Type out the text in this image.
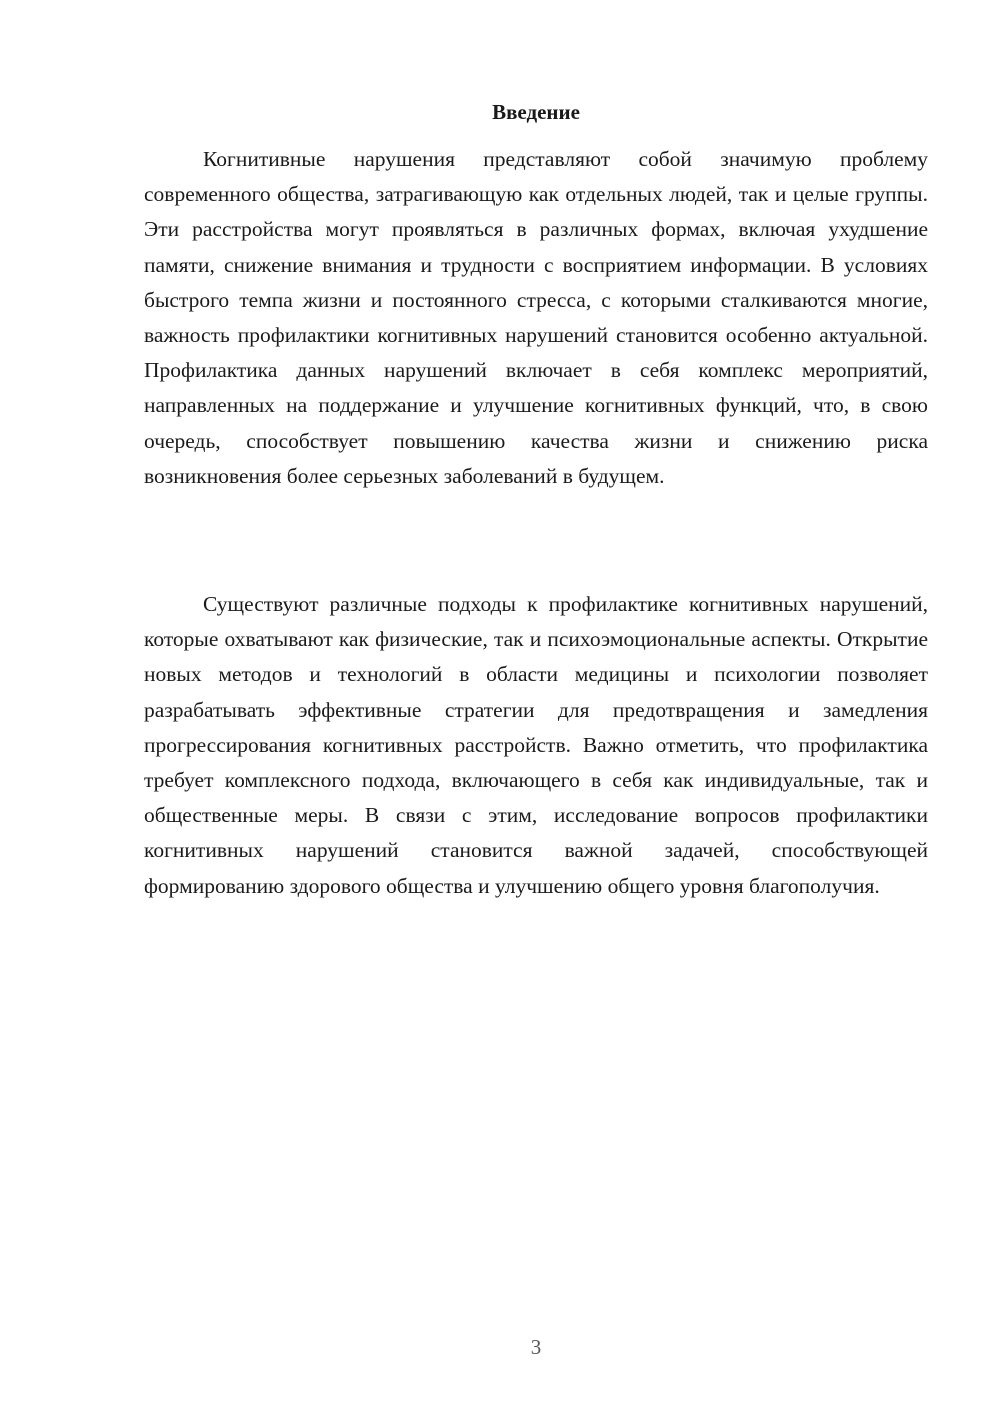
Введение

Когнитивные нарушения представляют собой значимую проблему современного общества, затрагивающую как отдельных людей, так и целые группы. Эти расстройства могут проявляться в различных формах, включая ухудшение памяти, снижение внимания и трудности с восприятием информации. В условиях быстрого темпа жизни и постоянного стресса, с которыми сталкиваются многие, важность профилактики когнитивных нарушений становится особенно актуальной. Профилактика данных нарушений включает в себя комплекс мероприятий, направленных на поддержание и улучшение когнитивных функций, что, в свою очередь, способствует повышению качества жизни и снижению риска возникновения более серьезных заболеваний в будущем.

Существуют различные подходы к профилактике когнитивных нарушений, которые охватывают как физические, так и психоэмоциональные аспекты. Открытие новых методов и технологий в области медицины и психологии позволяет разрабатывать эффективные стратегии для предотвращения и замедления прогрессирования когнитивных расстройств. Важно отметить, что профилактика требует комплексного подхода, включающего в себя как индивидуальные, так и общественные меры. В связи с этим, исследование вопросов профилактики когнитивных нарушений становится важной задачей, способствующей формированию здорового общества и улучшению общего уровня благополучия.

3
